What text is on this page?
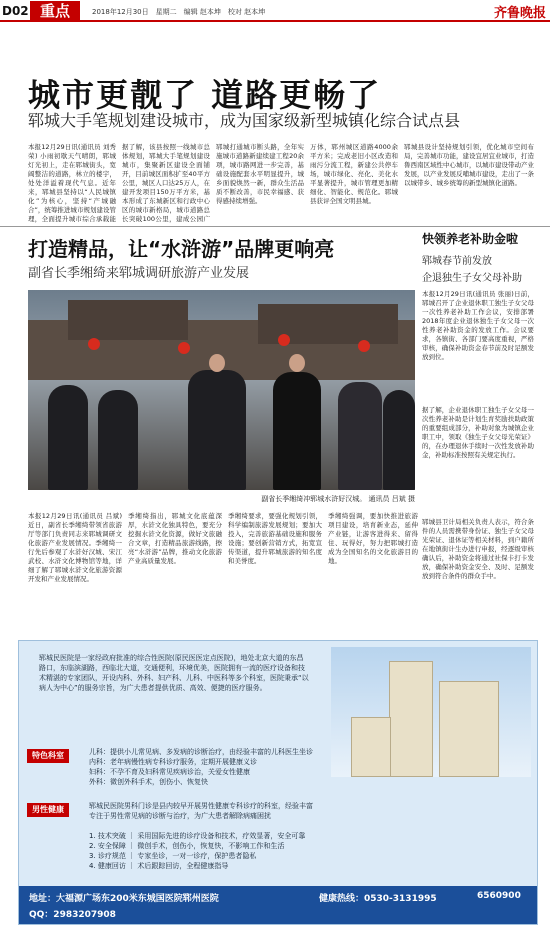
D02 重点	2018年12月30日　星期二　编辑 赵本坤　校对 赵本坤	齐鲁晚报
城市更靓了 道路更畅了
郓城大手笔规划建设城市，成为国家级新型城镇化综合试点县
本报12月29日讯(通讯员 刘秀荣) 小雨初歇天气晴朗，郓城 灯光初上，走在郓城街头，宽阔整洁的道路，林立的楼宇，处处洋溢着现代气息。近年来，郓城县坚持以“人民城镇化”为核心，坚持“产城融合”，统筹推进城市规划建设管理，全面提升城市综合承载能
据了解，该县按照一线城市总体规划，郓城大手笔规划建设城市，集聚新区建设全面铺开，目前城区面积扩至40平方公里，城区人口达25万人，在建开发项目150万平方米，基本形成了东城新区和行政中心区的城市新格局，城市道路总长突破100公里，建成公园广
郓城打通城市断头路，全年实施城市道路新建续建工程20余项，城市路网进一步完善，基础设施配套水平明显提升，城乡面貌焕然一新，群众生活品质不断改善，市民幸福感、获得感持续增强。
万体，郓州城区道路4000余平方米；完成老旧小区改造和雨污分流工程，新建公共停车场，城市绿化、亮化、美化水平显著提升，城市管理更加精细化、智能化、规范化。郓城县获评全国文明县城。
郓城县设计坚持规划引领，优化城市空间布局，完善城市功能，建设宜居宜业城市，打造鲁西南区域性中心城市，以城市建设带动产业发展，以产业发展反哺城市建设，走出了一条以城带乡、城乡统筹的新型城镇化道路。
打造精品，让“水浒游”品牌更响亮
副省长季缃绮来郓城调研旅游产业发展
副省长季缃绮冲郓城水浒好汉城。 通讯员 吕斌 摄
本报12月29日讯(通讯员 吕斌) 近日，副省长季缃绮带领省旅游厅等部门负责同志来郓城调研文化旅游产业发展情况。季缃绮一行先后参观了水浒好汉城、宋江武校、水浒文化博物馆等地，详细了解了郓城水浒文化旅游资源开发和产业发展情况。
季缃绮指出，郓城文化底蕴深厚，水浒文化独具特色，要充分挖掘水浒文化资源，做好文旅融合文章，打造精品旅游线路，擦亮“水浒游”品牌，推动文化旅游产业高质量发展。
季缃绮要求，要强化规划引领，科学编制旅游发展规划；要加大投入，完善旅游基础设施和服务设施；要创新营销方式，拓宽宣传渠道，提升郓城旅游的知名度和美誉度。
季缃绮强调，要加快推进旅游项目建设，培育新业态，延伸产业链，让游客进得来、留得住、玩得好，努力把郓城打造成为全国知名的文化旅游目的地。
快领养老补助金啦
郓城春节前发放
企退独生子女父母补助
本报12月29日讯(通讯员 张丽)日前，郓城召开了企业退休职工独生子女父母一次性养老补助工作会议，安排部署2018年度企业退休独生子女父母一次性养老补助资金的发放工作。会议要求，各镇街、各部门要高度重视，严格审核，确保补助资金春节前及时足额发放到位。
据了解，企业退休职工独生子女父母一次性养老补助是计划生育奖励扶助政策的重要组成部分，补助对象为城镇企业职工中，领取《独生子女父母光荣证》的，在办理退休手续时一次性发放补助金，补助标准按照有关规定执行。
郓城县卫计局相关负责人表示，符合条件的人员需携带身份证、独生子女父母光荣证、退休证等相关材料，到户籍所在地镇街计生办进行申报，经逐级审核确认后，补助资金将通过社保卡打卡发放，确保补助资金安全、及时、足额发放到符合条件的群众手中。
郓城民医院是一家经政府批准的综合性医院(原民医医定点医院)，地处北京大道的东昌路口，东临滨湖路，西临北大道，交通便利，环境优美，医院拥有一流的医疗设备和技术精湛的专家团队，开设内科、外科、妇产科、儿科、中医科等多个科室，医院秉承“以病人为中心”的服务宗旨，为广大患者提供优质、高效、便捷的医疗服务。
特色科室	儿科：提供小儿常见病、多发病的诊断治疗，由经验丰富的儿科医生坐诊
内科：老年病慢性病专科诊疗服务，定期开展健康义诊
妇科：不孕不育及妇科常见疾病诊治，关爱女性健康
外科：微创外科手术，创伤小、恢复快
男性健康	郓城民医院男科门诊是县内较早开展男性健康专科诊疗的科室，经验丰富
专注于男性常见病的诊断与治疗，为广大患者解除病痛困扰
1. 技术突破 ｜ 采用国际先进的诊疗设备和技术，疗效显著，安全可靠
2. 安全保障 ｜ 微创手术，创伤小，恢复快，不影响工作和生活
3. 诊疗规范 ｜ 专家坐诊，一对一诊疗，保护患者隐私
4. 健康回访 ｜ 术后跟踪回访，全程健康指导
地址：大福源广场东200米东城国医院郓州医院
QQ：2983207908
健康热线：0530-3131995	6560900
